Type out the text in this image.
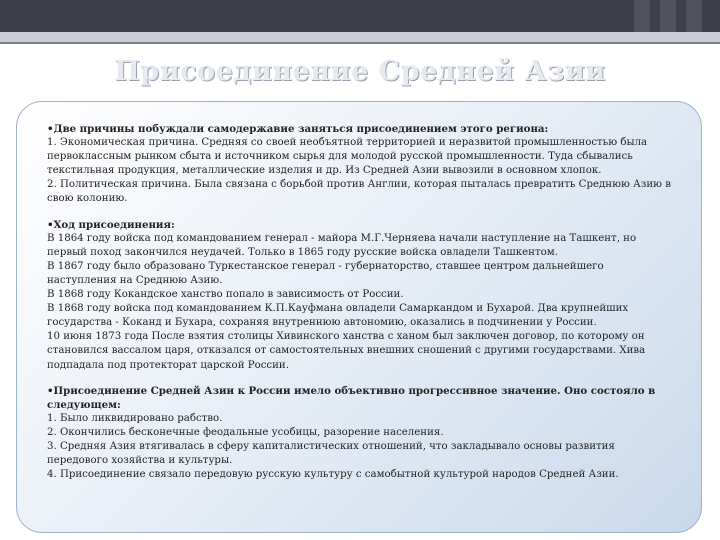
Присоединение Средней Азии

•Две причины побуждали самодержавие заняться присоединением этого региона:

1. Экономическая причина. Средняя со своей необъятной территорией и неразвитой промышленностью была первоклассным рынком сбыта и источником сырья для молодой русской промышленности. Туда сбывались текстильная продукция, металлические изделия и др. Из Средней Азии вывозили в основном хлопок.

2. Политическая причина. Была связана с борьбой против Англии, которая пыталась превратить Среднюю Азию в свою колонию.

•Ход присоединения:

В 1864 году войска под командованием генерал - майора М.Г.Черняева начали наступление на Ташкент, но первый поход закончился неудачей. Только в 1865 году русские войска овладели Ташкентом.

В 1867 году было образовано Туркестанское генерал - губернаторство, ставшее центром дальнейшего наступления на Среднюю Азию.

В 1868 году Кокандское ханство попало в зависимость от России.

В 1868 году войска под командованием К.П.Кауфмана овладели Самаркандом и Бухарой. Два крупнейших государства - Коканд и Бухара, сохраняя внутреннюю автономию, оказались в подчинении у России.

10 июня 1873 года После взятия столицы Хивинского ханства с ханом был заключен договор, по которому он становился вассалом царя, отказался от самостоятельных внешних сношений с другими государствами. Хива подпадала под протекторат царской России.

•Присоединение Средней Азии к России имело объективно прогрессивное значение. Оно состояло в следующем:

1. Было ликвидировано рабство.

2. Окончились бесконечные феодальные усобицы, разорение населения.

3. Средняя Азия втягивалась в сферу капиталистических отношений, что закладывало основы развития передового хозяйства и культуры.

4. Присоединение связало передовую русскую культуру с самобытной культурой народов Средней Азии.
